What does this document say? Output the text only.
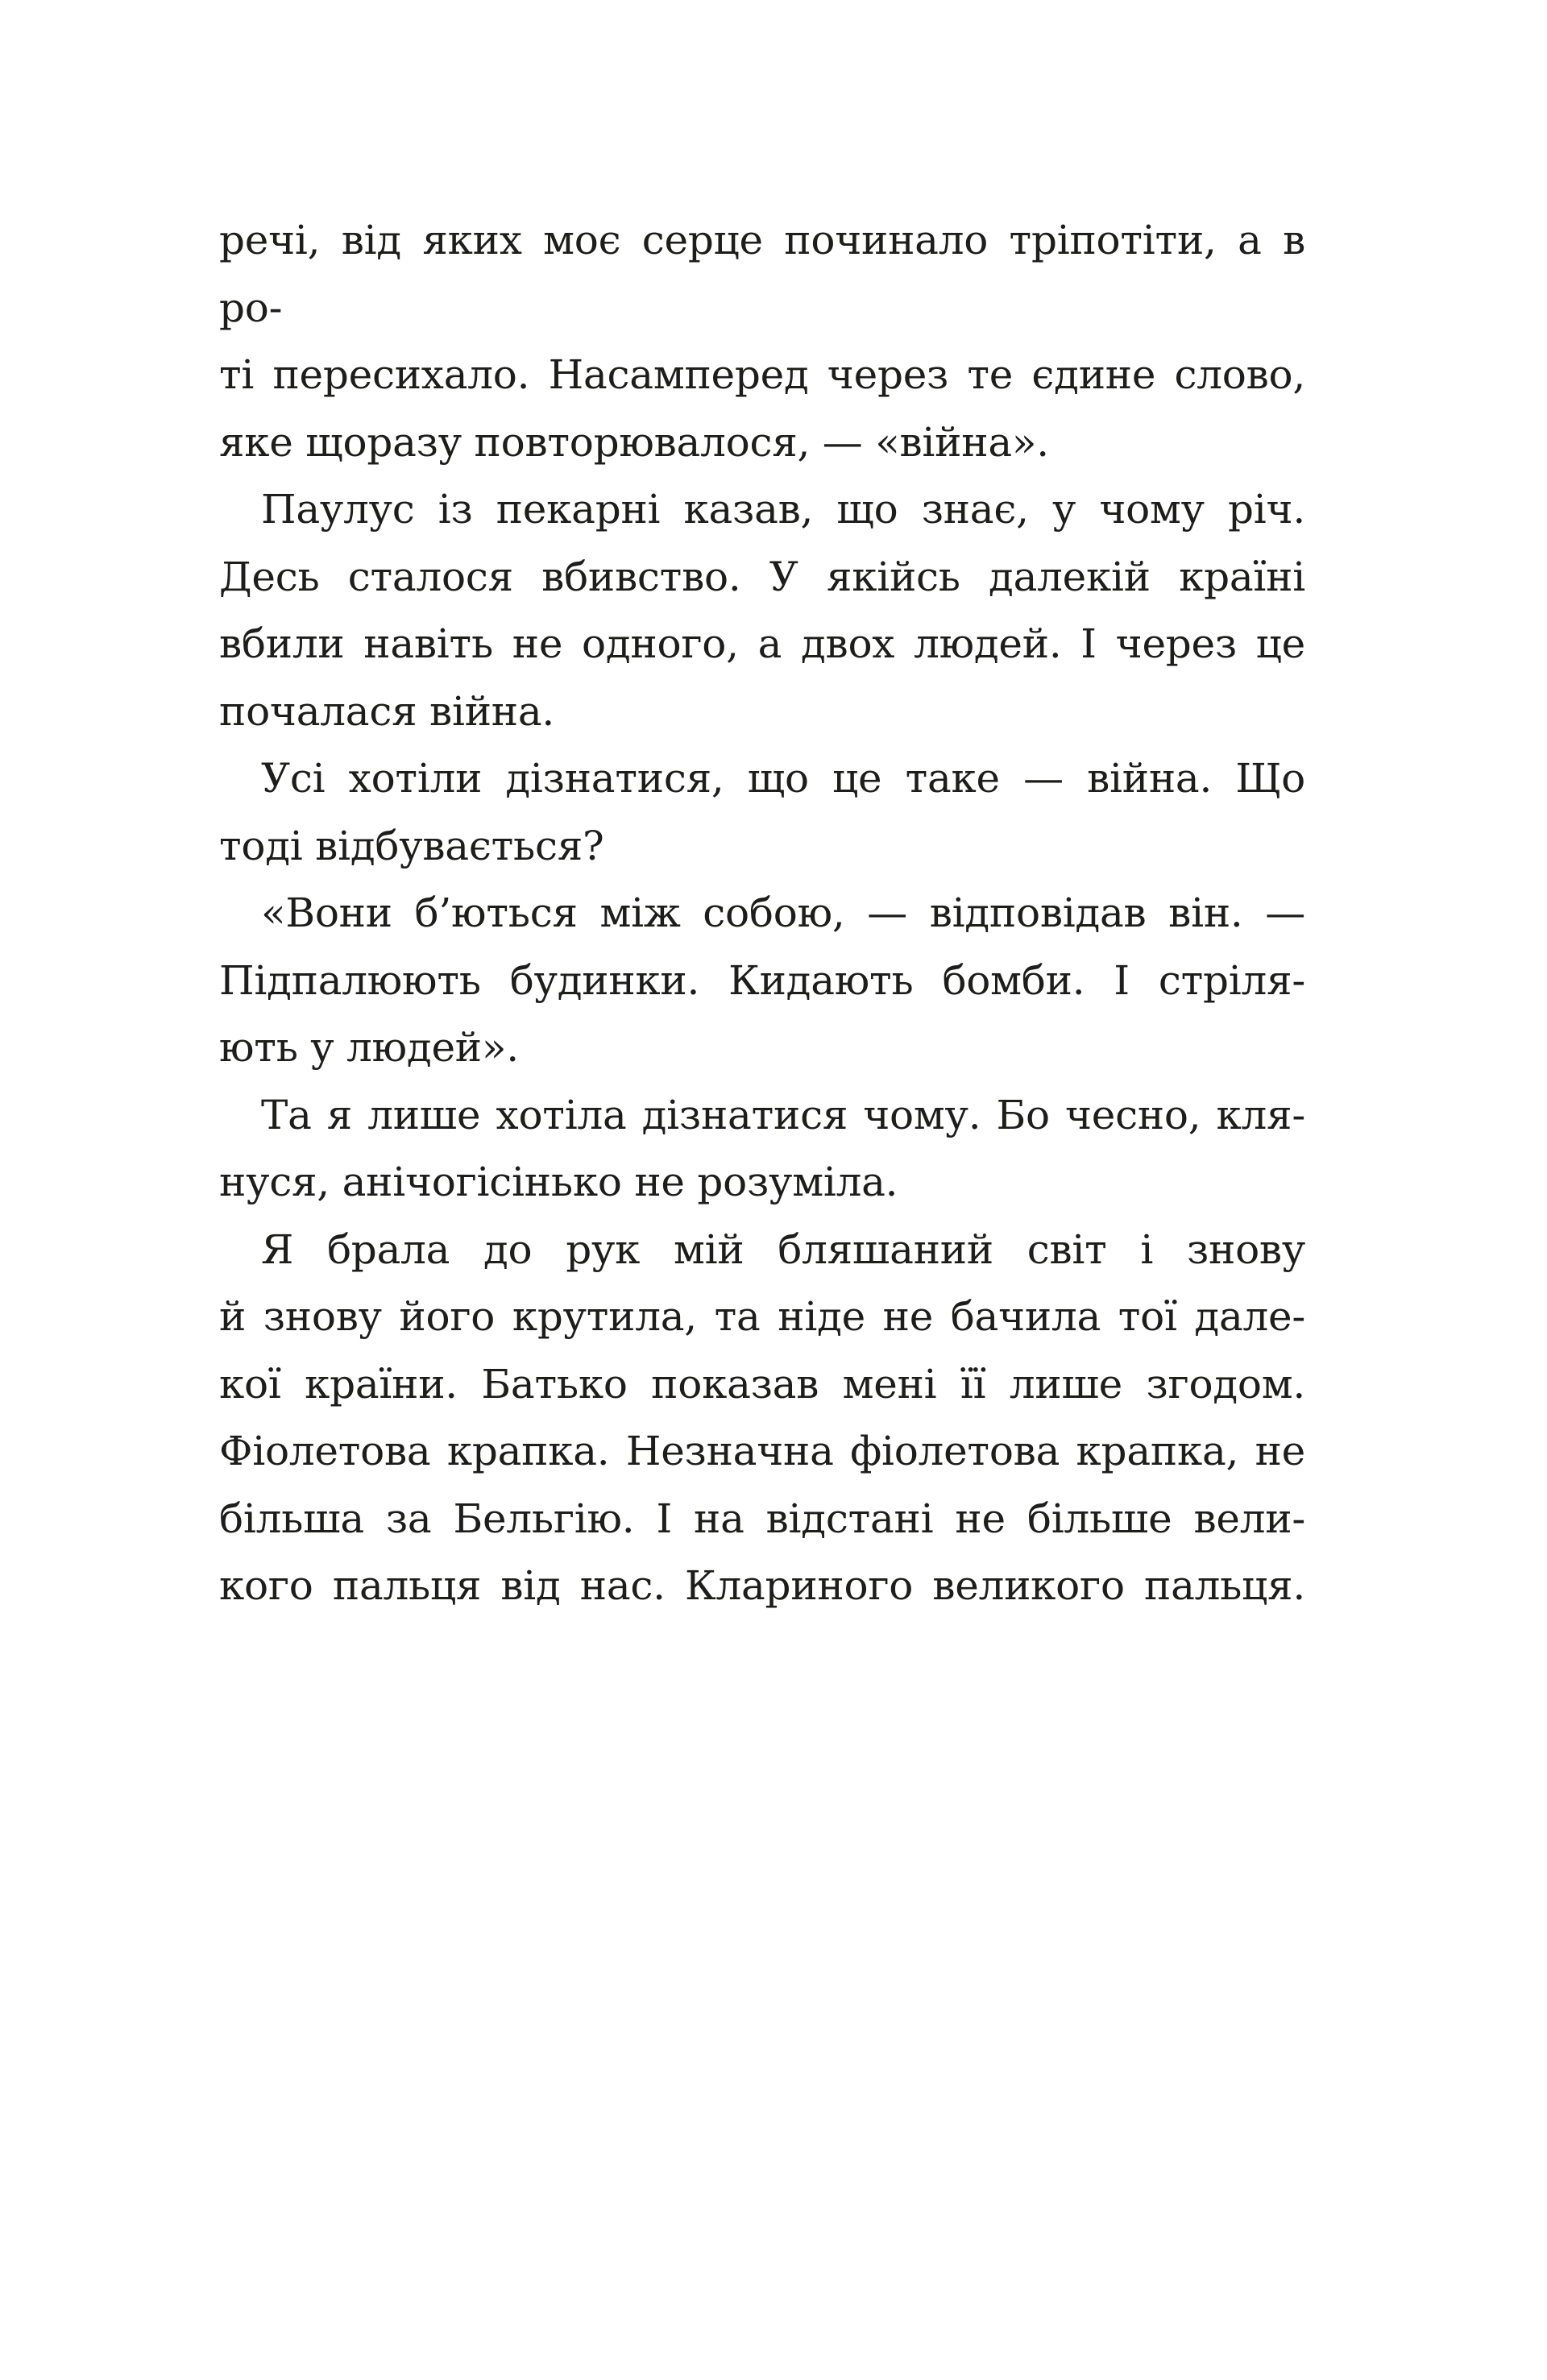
речі, від яких моє серце починало тріпотіти, а в ро-
ті пересихало. Насамперед через те єдине слово,
яке щоразу повторювалося, — «війна».
Паулус із пекарні казав, що знає, у чому річ.
Десь сталося вбивство. У якійсь далекій країні
вбили навіть не одного, а двох людей. І через це
почалася війна.
Усі хотіли дізнатися, що це таке — війна. Що
тоді відбувається?
«Вони б’ються між собою, — відповідав він. —
Підпалюють будинки. Кидають бомби. І стріля-
ють у людей».
Та я лише хотіла дізнатися чому. Бо чесно, кля-
нуся, анічогісінько не розуміла.
Я брала до рук мій бляшаний світ і знову
й знову його крутила, та ніде не бачила тої дале-
кої країни. Батько показав мені її лише згодом.
Фіолетова крапка. Незначна фіолетова крапка, не
більша за Бельгію. І на відстані не більше вели-
кого пальця від нас. Клариного великого пальця.
